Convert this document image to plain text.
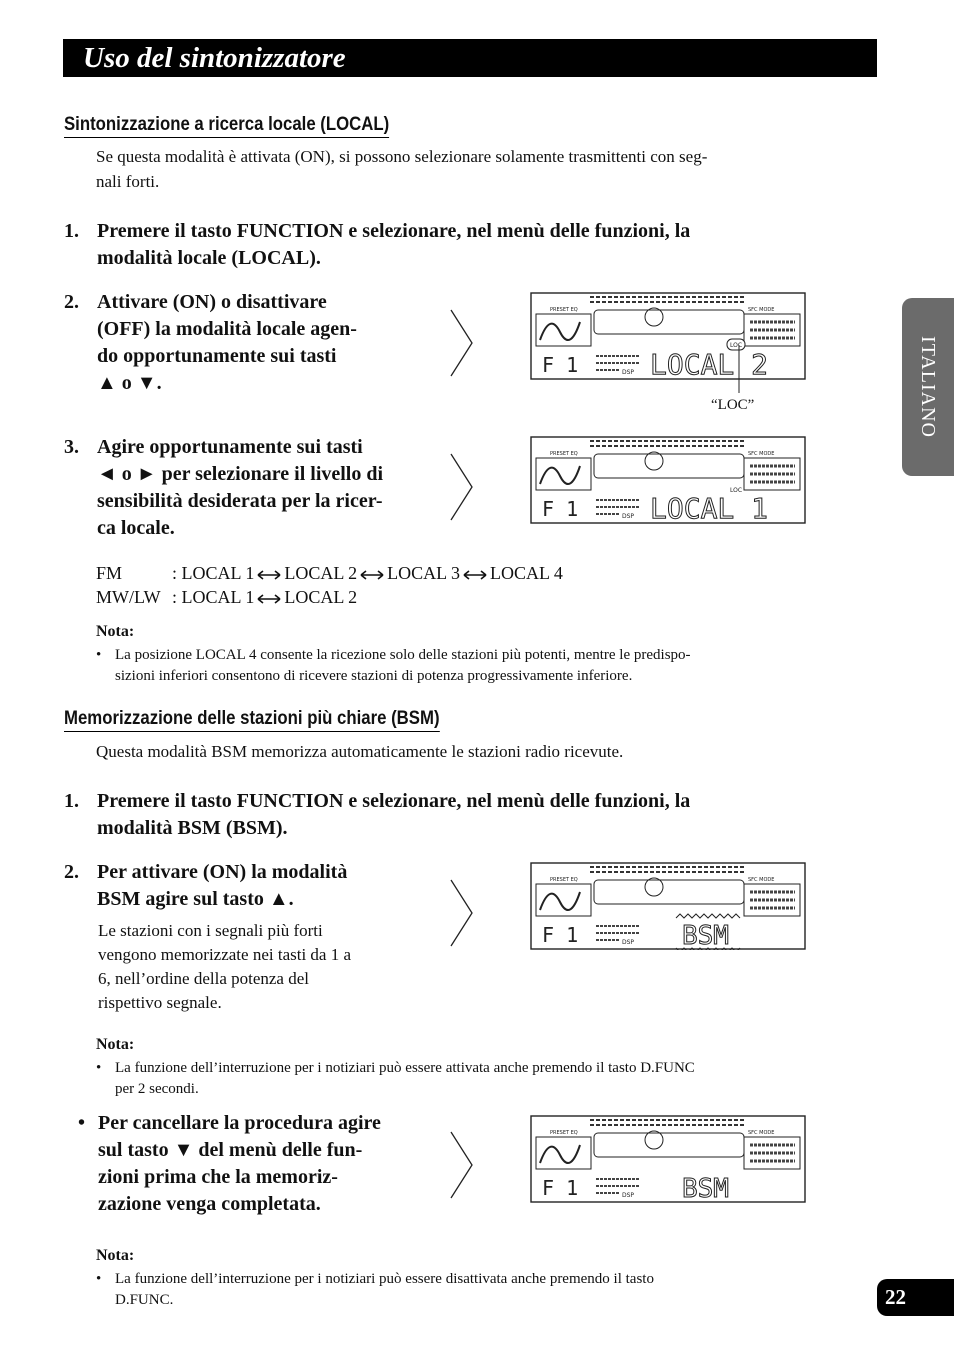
Uso del sintonizzatore
ITALIANO
22
Sintonizzazione a ricerca locale (LOCAL)
Se questa modalità è attivata (ON), si possono selezionare solamente trasmittenti con seg-
nali forti.
1. Premere il tasto FUNCTION e selezionare, nel menù delle funzioni, la
modalità locale (LOCAL).
2. Attivare (ON) o disattivare
(OFF) la modalità locale agen-
do opportunamente sui tasti
▲ o ▼.
PRESET EQ	SFC MODE
LOC
F 1	DSP LOCAL 2
“LOC”
3. Agire opportunamente sui tasti
◄ o ► per selezionare il livello di
sensibilità desiderata per la ricer-
ca locale.
PRESET EQ	SFC MODE
LOC
F 1	DSP LOCAL 1
FM	: LOCAL 1 LOCAL 2 LOCAL 3 LOCAL 4
MW/LW : LOCAL 1 LOCAL 2
Nota:
• La posizione LOCAL 4 consente la ricezione solo delle stazioni più potenti, mentre le predispo-
sizioni inferiori consentono di ricevere stazioni di potenza progressivamente inferiore.
Memorizzazione delle stazioni più chiare (BSM)
Questa modalità BSM memorizza automaticamente le stazioni radio ricevute.
1. Premere il tasto FUNCTION e selezionare, nel menù delle funzioni, la
modalità BSM (BSM).
2. Per attivare (ON) la modalità
BSM agire sul tasto ▲.
Le stazioni con i segnali più forti
vengono memorizzate nei tasti da 1 a
6, nell’ordine della potenza del
rispettivo segnale.
PRESET EQ	SFC MODE
F 1	DSP BSM
Nota:
• La funzione dell’interruzione per i notiziari può essere attivata anche premendo il tasto D.FUNC
per 2 secondi.
• Per cancellare la procedura agire
sul tasto ▼ del menù delle fun-
zioni prima che la memoriz-
zazione venga completata.
PRESET EQ	SFC MODE
F 1	DSP BSM
Nota:
• La funzione dell’interruzione per i notiziari può essere disattivata anche premendo il tasto
D.FUNC.
